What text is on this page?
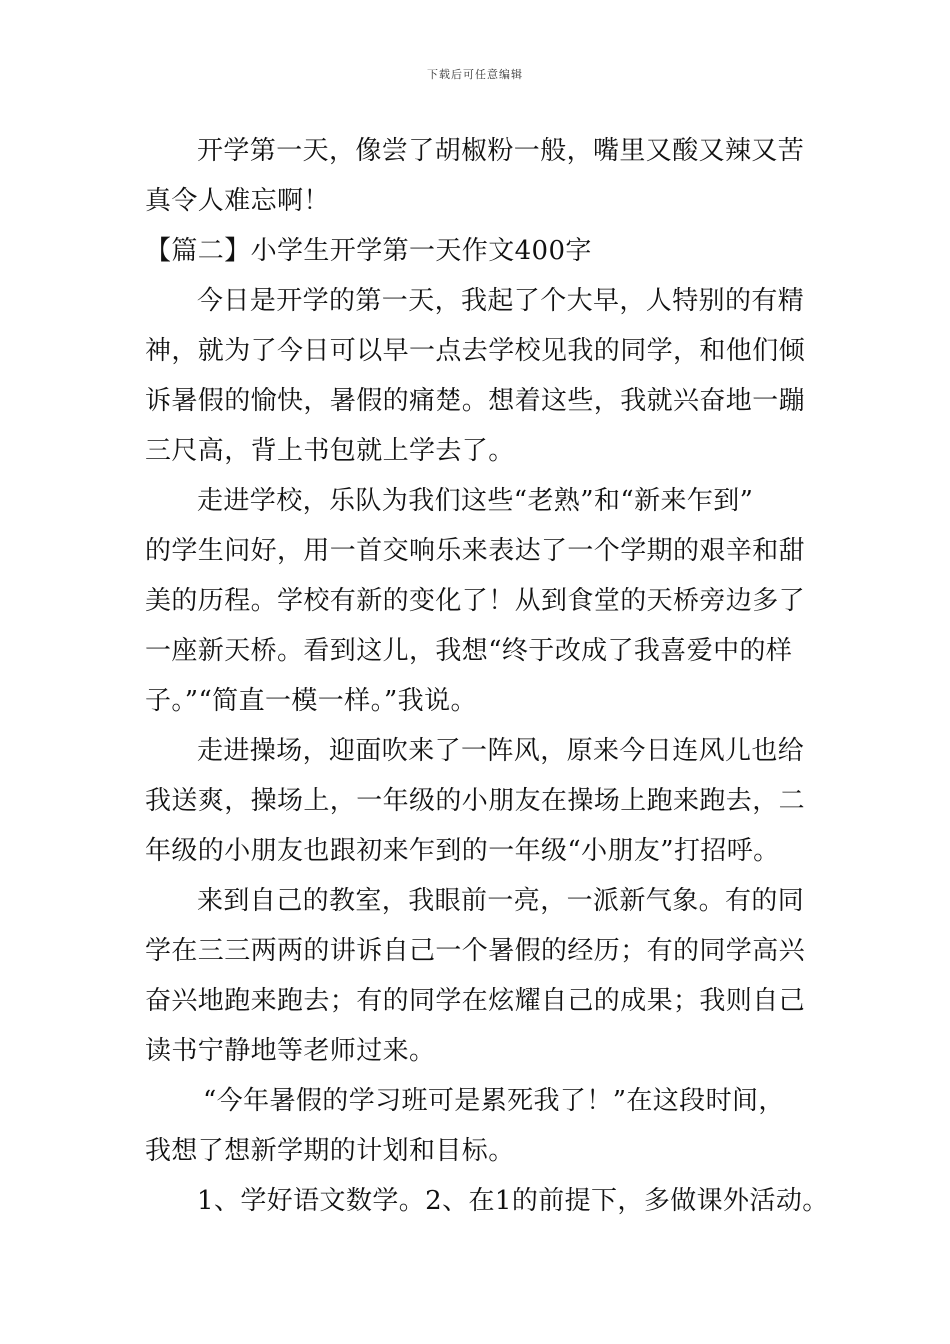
下载后可任意编辑
开学第一天，像尝了胡椒粉一般，嘴里又酸又辣又苦
真令人难忘啊！
【篇二】小学生开学第一天作文400字
今日是开学的第一天，我起了个大早，人特别的有精
神，就为了今日可以早一点去学校见我的同学，和他们倾
诉暑假的愉快，暑假的痛楚。想着这些，我就兴奋地一蹦
三尺高，背上书包就上学去了。
走进学校，乐队为我们这些“老熟”和“新来乍到”
的学生问好，用一首交响乐来表达了一个学期的艰辛和甜
美的历程。学校有新的变化了！从到食堂的天桥旁边多了
一座新天桥。看到这儿，我想“终于改成了我喜爱中的样
子。”“简直一模一样。”我说。
走进操场，迎面吹来了一阵风，原来今日连风儿也给
我送爽，操场上，一年级的小朋友在操场上跑来跑去，二
年级的小朋友也跟初来乍到的一年级“小朋友”打招呼。
来到自己的教室，我眼前一亮，一派新气象。有的同
学在三三两两的讲诉自己一个暑假的经历；有的同学高兴
奋兴地跑来跑去；有的同学在炫耀自己的成果；我则自己
读书宁静地等老师过来。
“今年暑假的学习班可是累死我了！”在这段时间，
我想了想新学期的计划和目标。
1、学好语文数学。2、在1的前提下，多做课外活动。
